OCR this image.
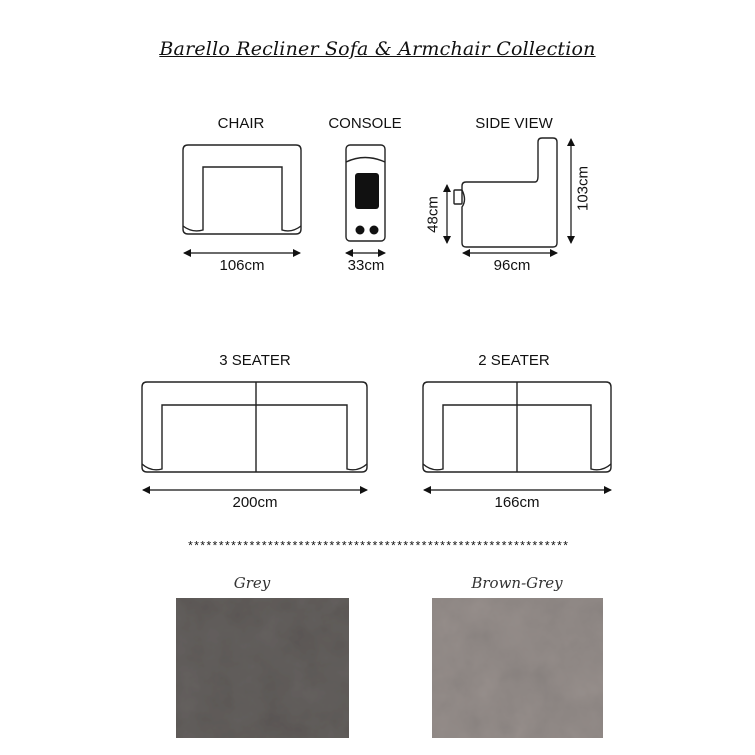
Barello Recliner Sofa & Armchair Collection
CHAIR	CONSOLE	SIDE VIEW
106cm	33cm	96cm
48cm
103cm
3 SEATER	2 SEATER
200cm	166cm
**************************************************************
Grey	Brown-Grey
